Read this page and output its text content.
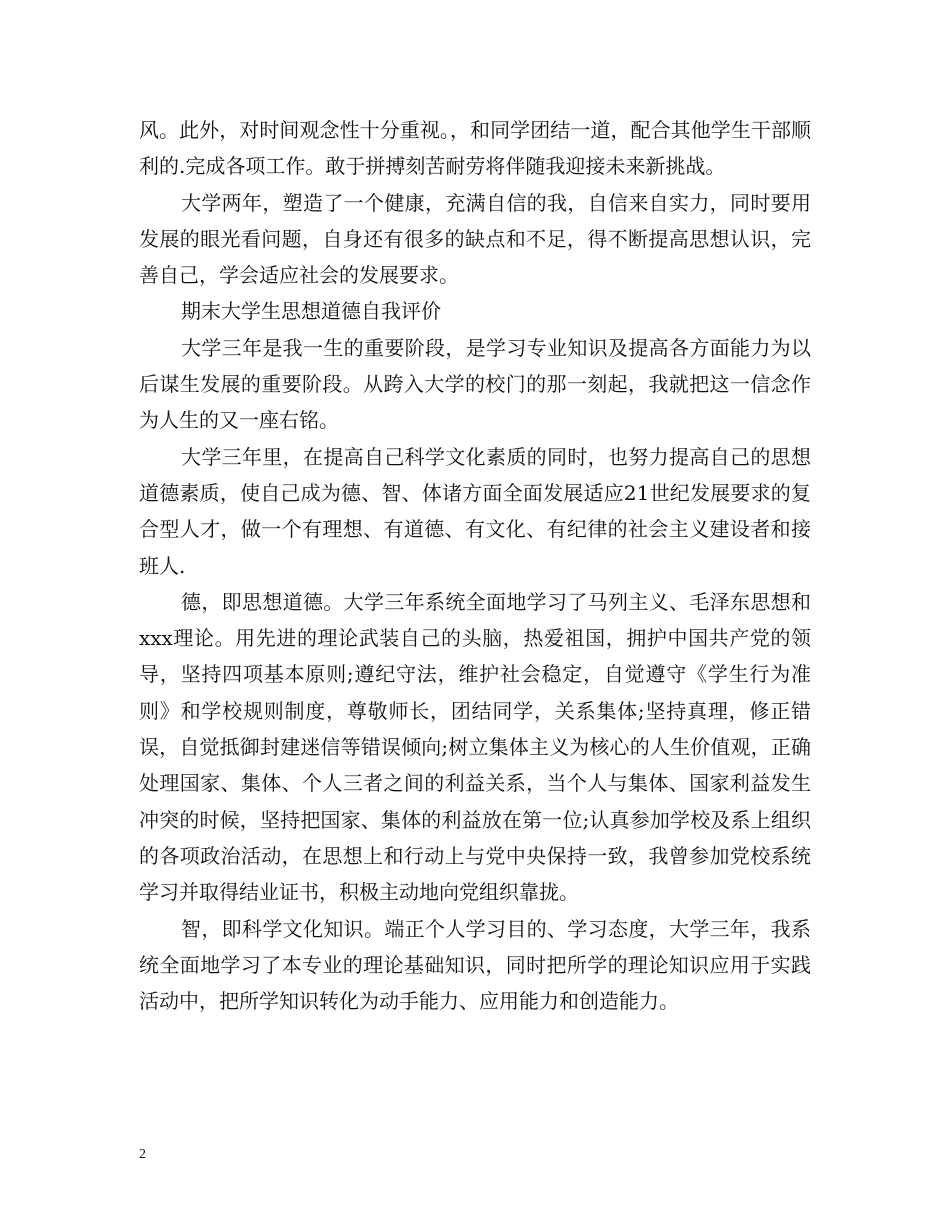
风。此外，对时间观念性十分重视。，和同学团结一道，配合其他学生干部顺利的.完成各项工作。敢于拼搏刻苦耐劳将伴随我迎接未来新挑战。

大学两年，塑造了一个健康，充满自信的我，自信来自实力，同时要用发展的眼光看问题，自身还有很多的缺点和不足，得不断提高思想认识，完善自己，学会适应社会的发展要求。

期末大学生思想道德自我评价

大学三年是我一生的重要阶段，是学习专业知识及提高各方面能力为以后谋生发展的重要阶段。从跨入大学的校门的那一刻起，我就把这一信念作为人生的又一座右铭。

大学三年里，在提高自己科学文化素质的同时，也努力提高自己的思想道德素质，使自己成为德、智、体诸方面全面发展适应21世纪发展要求的复合型人才，做一个有理想、有道德、有文化、有纪律的社会主义建设者和接班人.

德，即思想道德。大学三年系统全面地学习了马列主义、毛泽东思想和xxx理论。用先进的理论武装自己的头脑，热爱祖国，拥护中国共产党的领导，坚持四项基本原则;遵纪守法，维护社会稳定，自觉遵守《学生行为准则》和学校规则制度，尊敬师长，团结同学，关系集体;坚持真理，修正错误，自觉抵御封建迷信等错误倾向;树立集体主义为核心的人生价值观，正确处理国家、集体、个人三者之间的利益关系，当个人与集体、国家利益发生冲突的时候，坚持把国家、集体的利益放在第一位;认真参加学校及系上组织的各项政治活动，在思想上和行动上与党中央保持一致，我曾参加党校系统学习并取得结业证书，积极主动地向党组织靠拢。

智，即科学文化知识。端正个人学习目的、学习态度，大学三年，我系统全面地学习了本专业的理论基础知识，同时把所学的理论知识应用于实践活动中，把所学知识转化为动手能力、应用能力和创造能力。

2
